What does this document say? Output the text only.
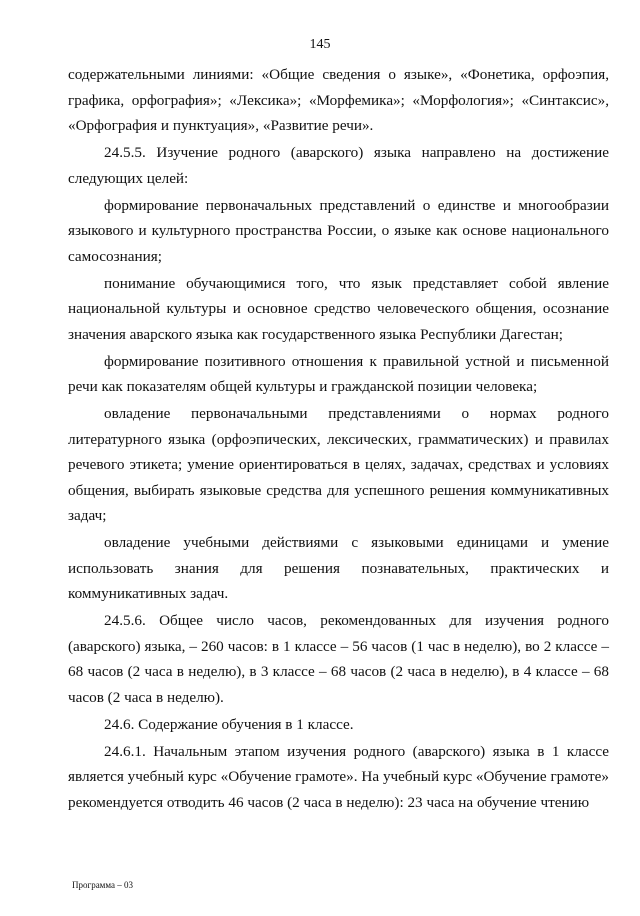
145

содержательными линиями: «Общие сведения о языке», «Фонетика, орфоэпия, графика, орфография»; «Лексика»; «Морфемика»; «Морфология»; «Синтаксис», «Орфография и пунктуация», «Развитие речи».

24.5.5. Изучение родного (аварского) языка направлено на достижение следующих целей:

формирование первоначальных представлений о единстве и многообразии языкового и культурного пространства России, о языке как основе национального самосознания;

понимание обучающимися того, что язык представляет собой явление национальной культуры и основное средство человеческого общения, осознание значения аварского языка как государственного языка Республики Дагестан;

формирование позитивного отношения к правильной устной и письменной речи как показателям общей культуры и гражданской позиции человека;

овладение первоначальными представлениями о нормах родного литературного языка (орфоэпических, лексических, грамматических) и правилах речевого этикета; умение ориентироваться в целях, задачах, средствах и условиях общения, выбирать языковые средства для успешного решения коммуникативных задач;

овладение учебными действиями с языковыми единицами и умение использовать знания для решения познавательных, практических и коммуникативных задач.

24.5.6. Общее число часов, рекомендованных для изучения родного (аварского) языка, – 260 часов: в 1 классе – 56 часов (1 час в неделю), во 2 классе – 68 часов (2 часа в неделю), в 3 классе – 68 часов (2 часа в неделю), в 4 классе – 68 часов (2 часа в неделю).

24.6. Содержание обучения в 1 классе.

24.6.1. Начальным этапом изучения родного (аварского) языка в 1 классе является учебный курс «Обучение грамоте». На учебный курс «Обучение грамоте» рекомендуется отводить 46 часов (2 часа в неделю): 23 часа на обучение чтению

Программа – 03
